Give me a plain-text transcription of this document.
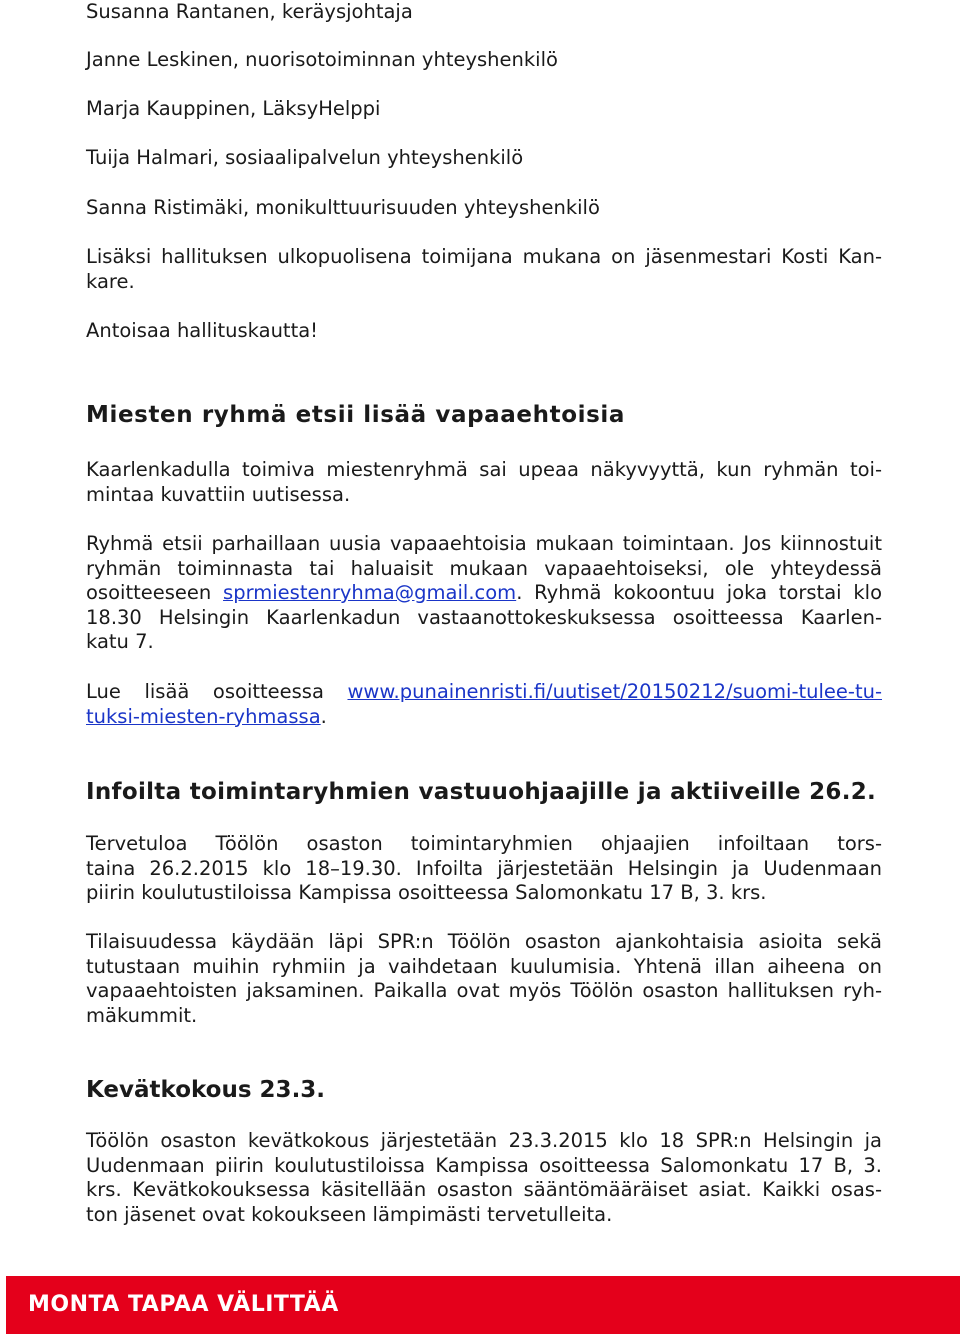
Susanna Rantanen, keräysjohtaja

Janne Leskinen, nuorisotoiminnan yhteyshenkilö

Marja Kauppinen, LäksyHelppi

Tuija Halmari, sosiaalipalvelun yhteyshenkilö

Sanna Ristimäki, monikulttuurisuuden yhteyshenkilö

Lisäksi hallituksen ulkopuolisena toimijana mukana on jäsenmestari Kosti Kan-
kare.

Antoisaa hallituskautta!

Miesten ryhmä etsii lisää vapaaehtoisia
Kaarlenkadulla toimiva miestenryhmä sai upeaa näkyvyyttä, kun ryhmän toi-
mintaa kuvattiin uutisessa.
Ryhmä etsii parhaillaan uusia vapaaehtoisia mukaan toimintaan. Jos kiinnostuit
ryhmän toiminnasta tai haluaisit mukaan vapaaehtoiseksi, ole yhteydessä
osoitteeseen sprmiestenryhma@gmail.com. Ryhmä kokoontuu joka torstai klo
18.30 Helsingin Kaarlenkadun vastaanottokeskuksessa osoitteessa Kaarlen-
katu 7.
Lue lisää osoitteessa www.punainenristi.fi/uutiset/20150212/suomi-tulee-tu-
tuksi-miesten-ryhmassa.
Infoilta toimintaryhmien vastuuohjaajille ja aktiiveille 26.2.
Tervetuloa Töölön osaston toimintaryhmien ohjaajien infoiltaan tors-
taina 26.2.2015 klo 18–19.30. Infoilta järjestetään Helsingin ja Uudenmaan
piirin koulutustiloissa Kampissa osoitteessa Salomonkatu 17 B, 3. krs.
Tilaisuudessa käydään läpi SPR:n Töölön osaston ajankohtaisia asioita sekä
tutustaan muihin ryhmiin ja vaihdetaan kuulumisia. Yhtenä illan aiheena on
vapaaehtoisten jaksaminen. Paikalla ovat myös Töölön osaston hallituksen ryh-
mäkummit.
Kevätkokous 23.3.
Töölön osaston kevätkokous järjestetään 23.3.2015 klo 18 SPR:n Helsingin ja
Uudenmaan piirin koulutustiloissa Kampissa osoitteessa Salomonkatu 17 B, 3.
krs. Kevätkokouksessa käsitellään osaston sääntömääräiset asiat. Kaikki osas-
ton jäsenet ovat kokoukseen lämpimästi tervetulleita.
MONTA TAPAA VÄLITTÄÄ
